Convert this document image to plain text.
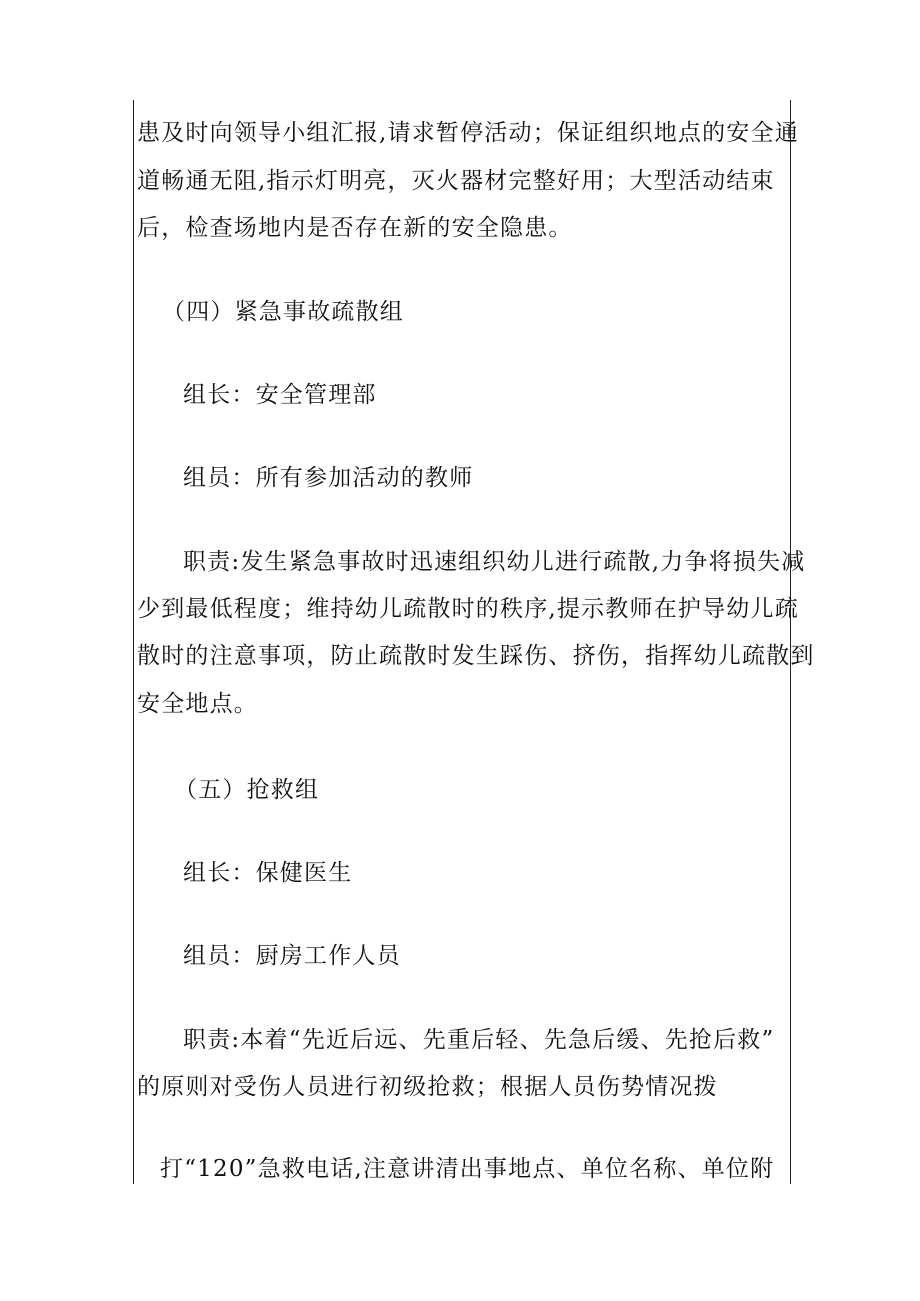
患及时向领导小组汇报,请求暂停活动；保证组织地点的安全通
道畅通无阻,指示灯明亮，灭火器材完整好用；大型活动结束
后，检查场地内是否存在新的安全隐患。
（四）紧急事故疏散组
组长：安全管理部
组员：所有参加活动的教师
职责:发生紧急事故时迅速组织幼儿进行疏散,力争将损失减
少到最低程度；维持幼儿疏散时的秩序,提示教师在护导幼儿疏
散时的注意事项，防止疏散时发生踩伤、挤伤，指挥幼儿疏散到
安全地点。
（五）抢救组
组长：保健医生
组员：厨房工作人员
职责:本着“先近后远、先重后轻、先急后缓、先抢后救”
的原则对受伤人员进行初级抢救；根据人员伤势情况拨
打“120”急救电话,注意讲清出事地点、单位名称、单位附
